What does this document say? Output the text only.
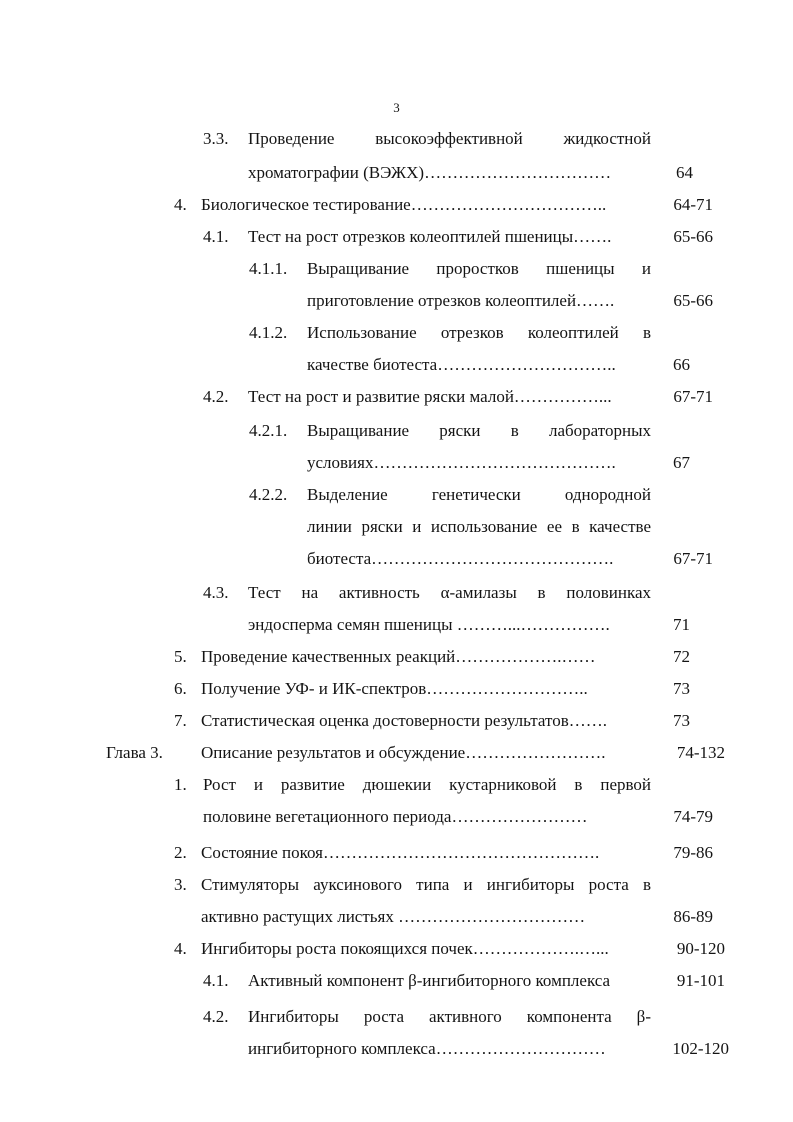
3
3.3. Проведение высокоэффективной жидкостной
хроматографии (ВЭЖХ)……………………………	64
4. Биологическое тестирование……………………………..	64-71
4.1. Тест на рост отрезков колеоптилей пшеницы…….	65-66
4.1.1. Выращивание проростков пшеницы и
приготовление отрезков колеоптилей…….	65-66
4.1.2. Использование отрезков колеоптилей в
качестве биотеста…………………………..	66
4.2. Тест на рост и развитие ряски малой……………...	67-71
4.2.1. Выращивание ряски в лабораторных
условиях…………………………………….	67
4.2.2. Выделение генетически однородной
линии ряски и использование ее в качестве
биотеста…………………………………….	67-71
4.3. Тест на активность α-амилазы в половинках
эндосперма семян пшеницы ………...…………….	71
5. Проведение качественных реакций……………….……	72
6. Получение УФ- и ИК-спектров………………………..	73
7. Статистическая оценка достоверности результатов…….	73
Глава 3. Описание результатов и обсуждение…………………….	74-132
1. Рост и развитие дюшекии кустарниковой в первой
половине вегетационного периода……………………	74-79
2. Состояние покоя………………………………………….	79-86
3. Стимуляторы ауксинового типа и ингибиторы роста в
активно растущих листьях ……………………………	86-89
4. Ингибиторы роста покоящихся почек……………….…...	90-120
4.1. Активный компонент β-ингибиторного комплекса	91-101
4.2. Ингибиторы роста активного компонента β-
ингибиторного комплекса…………………………	102-120
